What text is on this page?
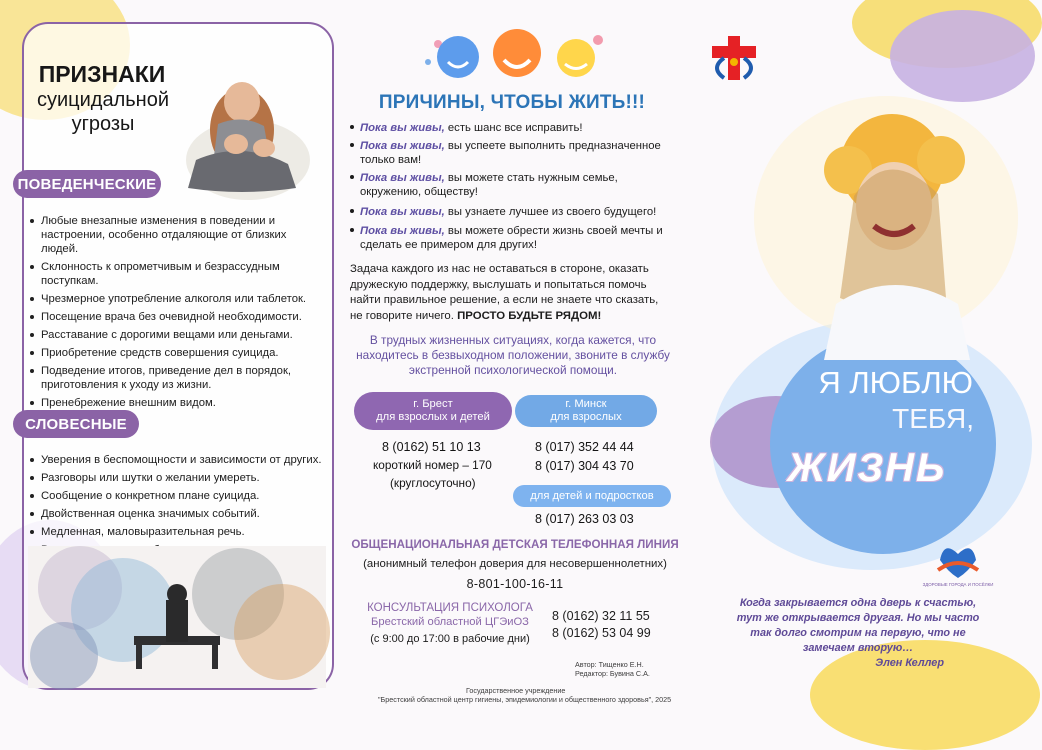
ПРИЗНАКИ
суицидальной
угрозы
ПОВЕДЕНЧЕСКИЕ
Любые внезапные изменения в поведении и настроении, особенно отдаляющие от близких людей.
Склонность к опрометчивым и безрассудным поступкам.
Чрезмерное употребление алкоголя или таблеток.
Посещение врача без очевидной необходимости.
Расставание с дорогими вещами или деньгами.
Приобретение средств совершения суицида.
Подведение итогов, приведение дел в порядок, приготовления к уходу из жизни.
Пренебрежение внешним видом.
СЛОВЕСНЫЕ
Уверения в беспомощности и зависимости от других.
Разговоры или шутки о желании умереть.
Сообщение о конкретном плане суицида.
Двойственная оценка значимых событий.
Медленная, маловыразительная речь.
ПРИЧИНЫ, ЧТОБЫ ЖИТЬ!!!
Пока вы живы, есть шанс все исправить!
Пока вы живы, вы успеете выполнить предназначенное только вам!
Пока вы живы, вы можете стать нужным семье, окружению, обществу!
Пока вы живы, вы узнаете лучшее из своего будущего!
Пока вы живы, вы можете обрести жизнь своей мечты и сделать ее примером для других!
Задача каждого из нас не оставаться в стороне, оказать дружескую поддержку, выслушать и попытаться помочь найти правильное решение, а если не знаете что сказать, не говорите ничего. ПРОСТО БУДЬТЕ РЯДОМ!
В трудных жизненных ситуациях, когда кажется, что находитесь в безвыходном положении, звоните в службу экстренной психологической помощи.
г. Брест
для взрослых и детей
г. Минск
для взрослых
8 (0162) 51 10 13
короткий номер – 170
(круглосуточно)
8 (017) 352 44 44
8 (017) 304 43 70
для детей и подростков
8 (017) 263 03 03
ОБЩЕНАЦИОНАЛЬНАЯ ДЕТСКАЯ ТЕЛЕФОННАЯ ЛИНИЯ
(анонимный телефон доверия для несовершеннолетних)
8-801-100-16-11
КОНСУЛЬТАЦИЯ ПСИХОЛОГА
Брестский областной ЦГЭиОЗ
(с 9:00 до 17:00 в рабочие дни)
8 (0162) 32 11 55
8 (0162) 53 04 99
Автор: Тищенко Е.Н.
Редактор: Бувина С.А.
Государственное учреждение
"Брестский областной центр гигиены, эпидемиологии и общественного здоровья", 2025
Я ЛЮБЛЮ
ТЕБЯ,
ЖИЗНЬ
ЗДОРОВЫЕ ГОРОДА И ПОСЁЛКИ
Когда закрывается одна дверь к счастью, тут же открывается другая. Но мы часто так долго смотрим на первую, что не замечаем вторую…
Элен Келлер
